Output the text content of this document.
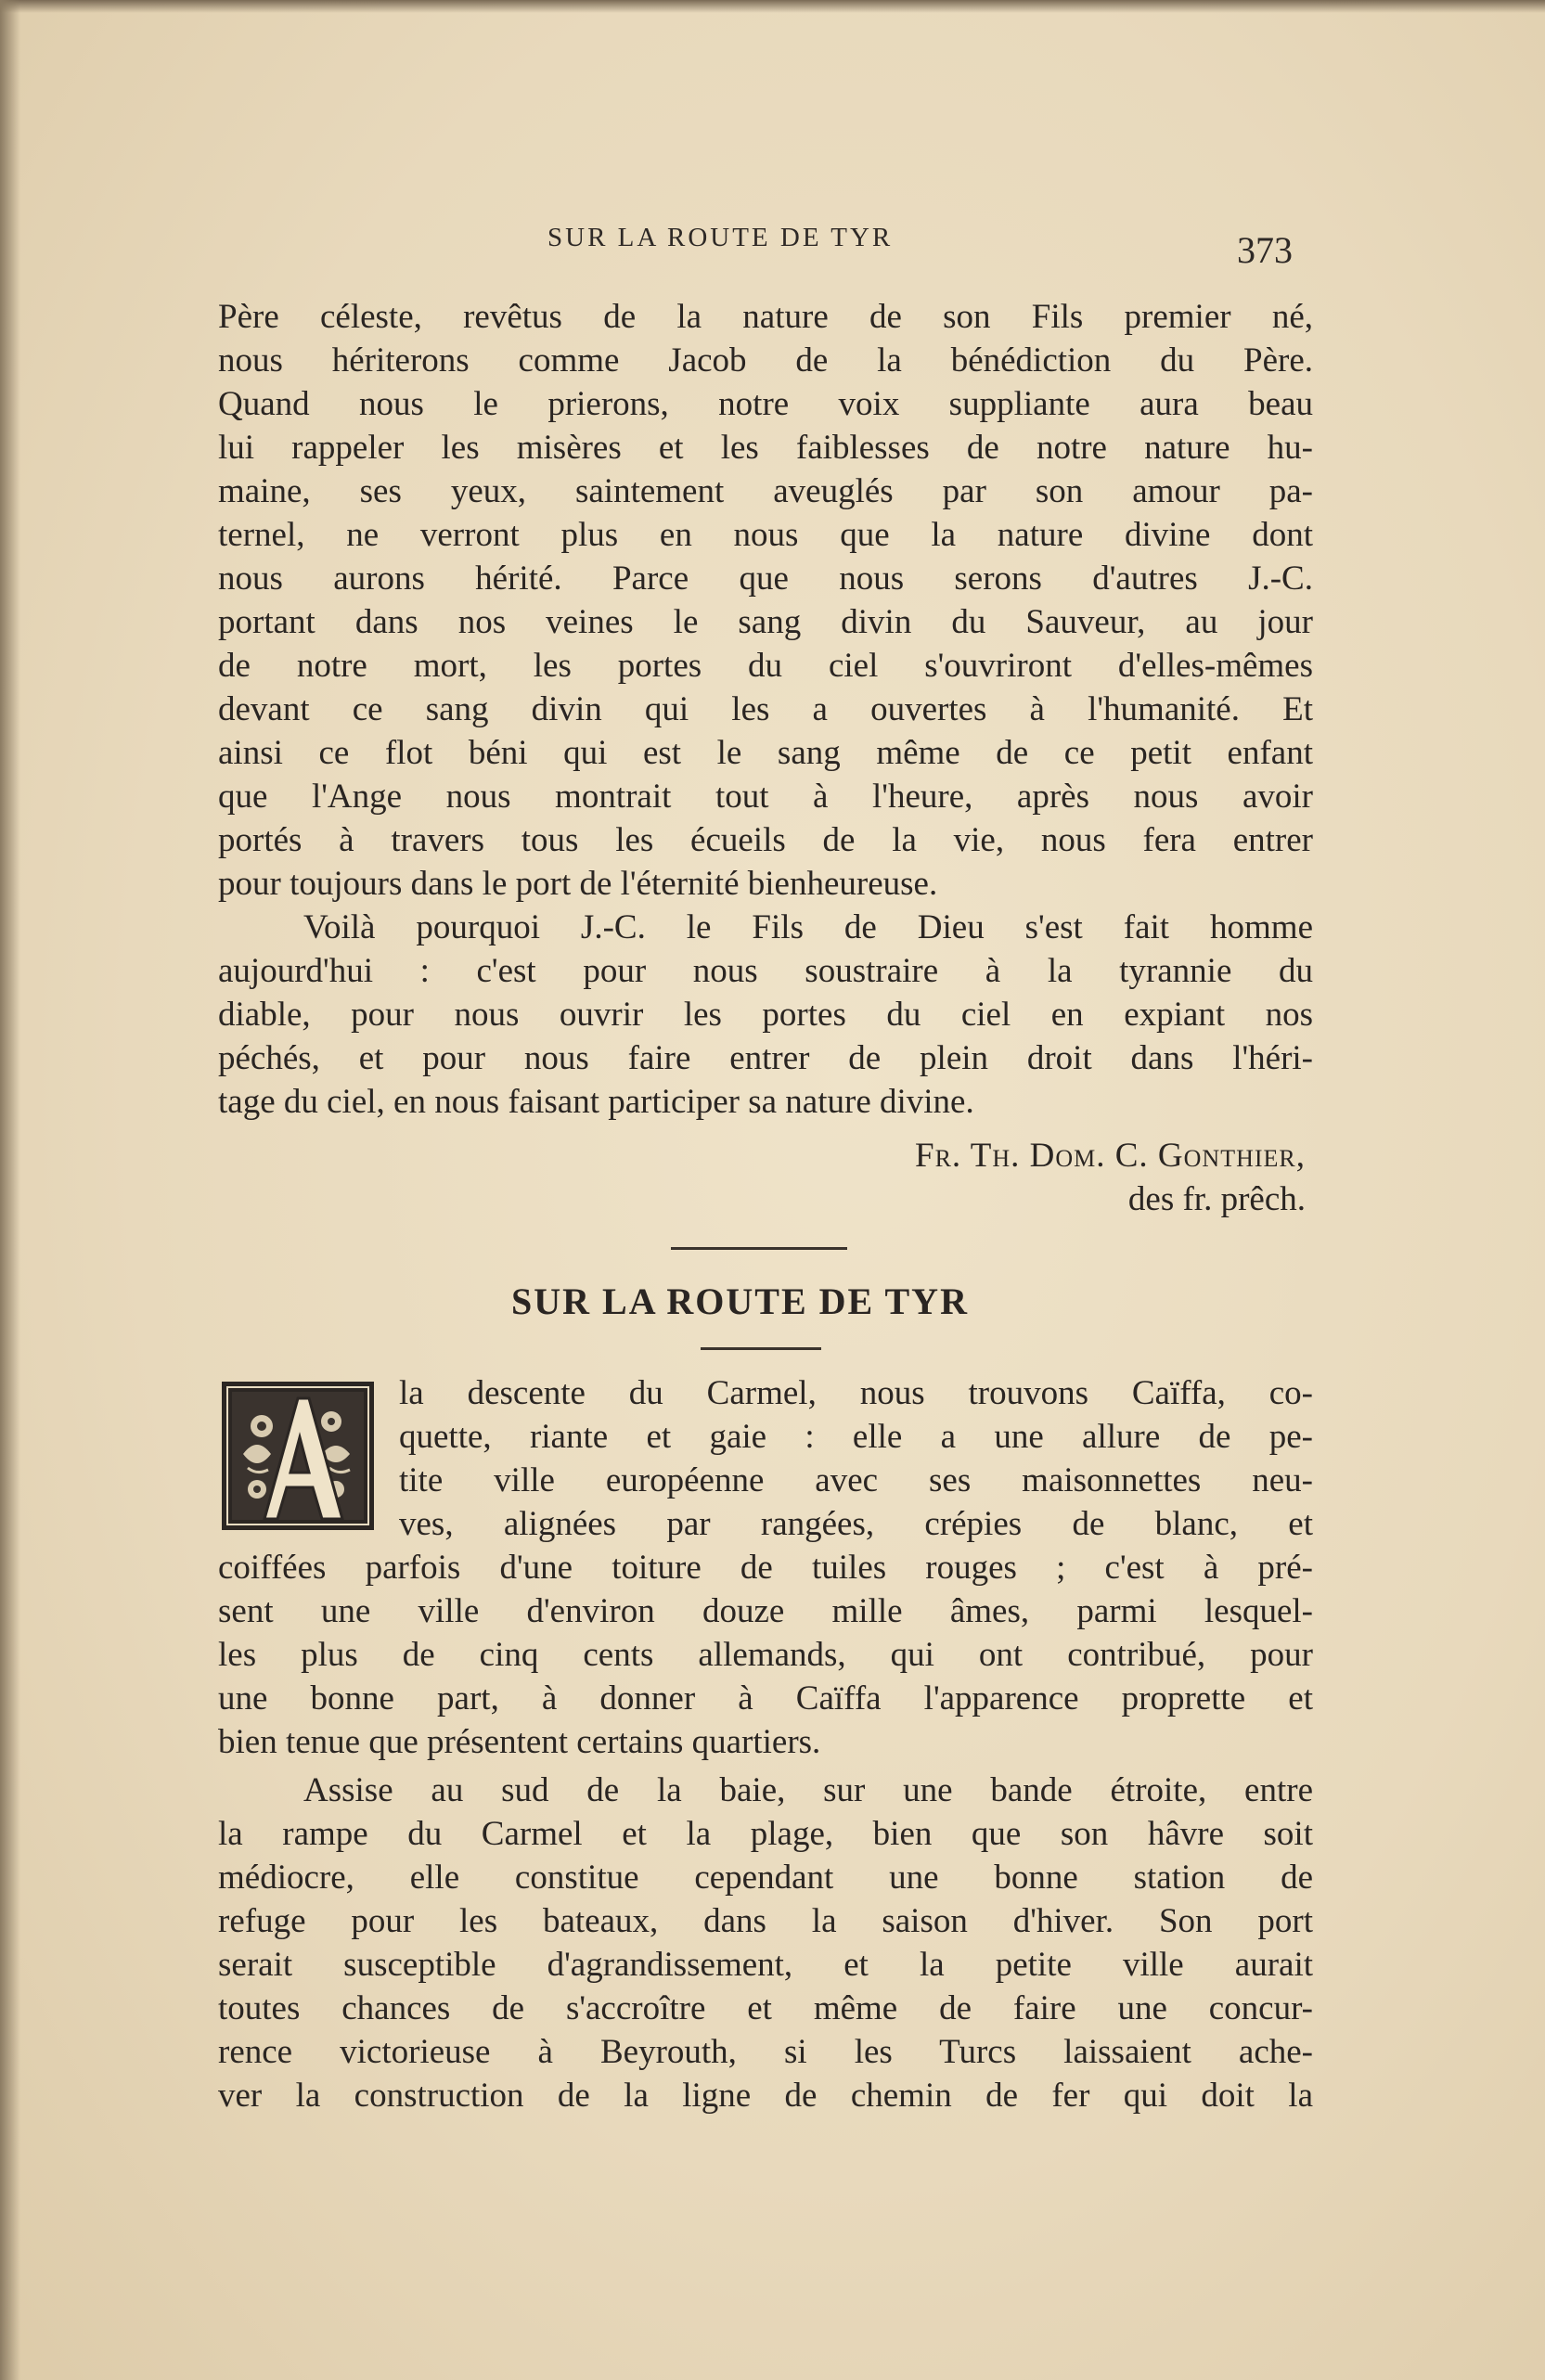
SUR LA ROUTE DE TYR	373
Père céleste, revêtus de la nature de son Fils premier né,
nous hériterons comme Jacob de la bénédiction du Père.
Quand nous le prierons, notre voix suppliante aura beau
lui rappeler les misères et les faiblesses de notre nature hu-
maine, ses yeux, saintement aveuglés par son amour pa-
ternel, ne verront plus en nous que la nature divine dont
nous aurons hérité. Parce que nous serons d'autres J.-C.
portant dans nos veines le sang divin du Sauveur, au jour
de notre mort, les portes du ciel s'ouvriront d'elles-mêmes
devant ce sang divin qui les a ouvertes à l'humanité. Et
ainsi ce flot béni qui est le sang même de ce petit enfant
que l'Ange nous montrait tout à l'heure, après nous avoir
portés à travers tous les écueils de la vie, nous fera entrer
pour toujours dans le port de l'éternité bienheureuse.
Voilà pourquoi J.-C. le Fils de Dieu s'est fait homme
aujourd'hui : c'est pour nous soustraire à la tyrannie du
diable, pour nous ouvrir les portes du ciel en expiant nos
péchés, et pour nous faire entrer de plein droit dans l'héri-
tage du ciel, en nous faisant participer sa nature divine.
Fr. Th. Dom. C. Gonthier,
des fr. prêch.
SUR LA ROUTE DE TYR
la descente du Carmel, nous trouvons Caïffa, co-
quette, riante et gaie : elle a une allure de pe-
tite ville européenne avec ses maisonnettes neu-
ves, alignées par rangées, crépies de blanc, et
coiffées parfois d'une toiture de tuiles rouges ; c'est à pré-
sent une ville d'environ douze mille âmes, parmi lesquel-
les plus de cinq cents allemands, qui ont contribué, pour
une bonne part, à donner à Caïffa l'apparence proprette et
bien tenue que présentent certains quartiers.
Assise au sud de la baie, sur une bande étroite, entre
la rampe du Carmel et la plage, bien que son hâvre soit
médiocre, elle constitue cependant une bonne station de
refuge pour les bateaux, dans la saison d'hiver. Son port
serait susceptible d'agrandissement, et la petite ville aurait
toutes chances de s'accroître et même de faire une concur-
rence victorieuse à Beyrouth, si les Turcs laissaient ache-
ver la construction de la ligne de chemin de fer qui doit la
